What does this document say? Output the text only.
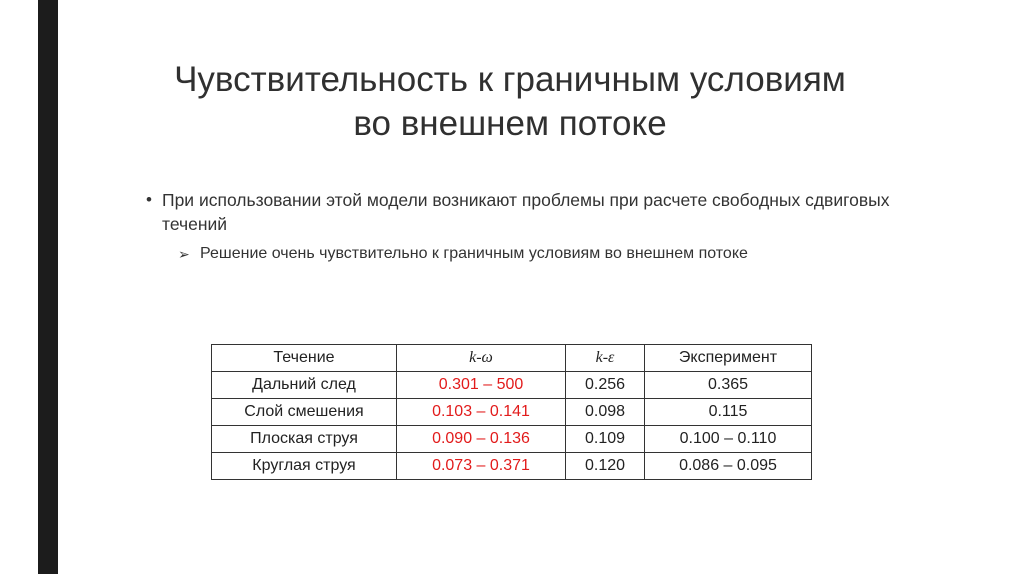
Чувствительность к граничным условиям
во внешнем потоке
• При использовании этой модели возникают проблемы при расчете свободных сдвиговых течений
➢ Решение очень чувствительно к граничным условиям во внешнем потоке
Течение	k-ω	k-ε	Эксперимент
Дальний след	0.301 – 500	0.256	0.365
Слой смешения	0.103 – 0.141	0.098	0.115
Плоская струя	0.090 – 0.136	0.109	0.100 – 0.110
Круглая струя	0.073 – 0.371	0.120	0.086 – 0.095
